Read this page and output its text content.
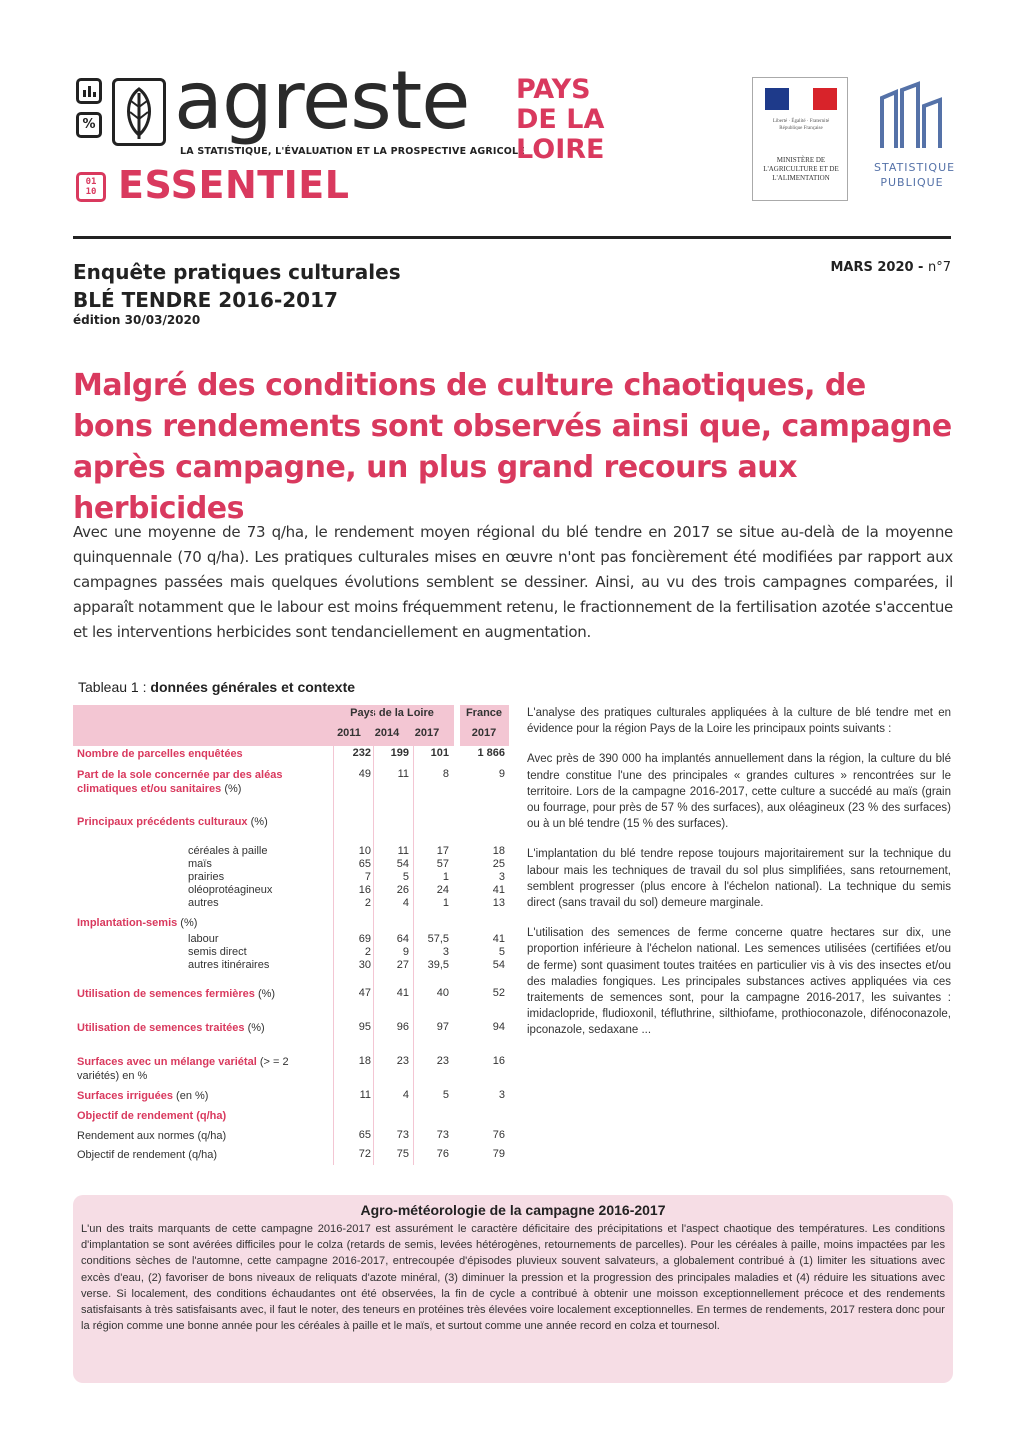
% agreste
LA STATISTIQUE, L'ÉVALUATION ET LA PROSPECTIVE AGRICOLE
01 10 ESSENTIEL
PAYS
DE LA
LOIRE
Liberté · Égalité · Fraternité
République Française
MINISTÈRE DE L'AGRICULTURE ET DE L'ALIMENTATION
STATISTIQUE
PUBLIQUE
Enquête pratiques culturales
BLÉ TENDRE 2016-2017
édition 30/03/2020
MARS 2020 - n°7
Malgré des conditions de culture chaotiques, de bons rendements sont observés ainsi que, campagne après campagne, un plus grand recours aux herbicides
Avec une moyenne de 73 q/ha, le rendement moyen régional du blé tendre en 2017 se situe au-delà de la moyenne quinquennale (70 q/ha). Les pratiques culturales mises en œuvre n'ont pas foncièrement été modifiées par rapport aux campagnes passées mais quelques évolutions semblent se dessiner. Ainsi, au vu des trois campagnes comparées, il apparaît notamment que le labour est moins fréquemment retenu, le fractionnement de la fertilisation azotée s'accentue et les interventions herbicides sont tendanciellement en augmentation.
Tableau 1 : données générales et contexte
Pays de la Loire	France
2011	2014	2017	2017
Nombre de parcelles enquêtées	232	199	101	1 866
Part de la sole concernée par des aléas climatiques et/ou sanitaires (%)
49	11	8	9
Principaux précédents culturaux (%)
céréales à paille	10	11	17	18
maïs	65	54	57	25
prairies	7	5	1	3
oléoprotéagineux	16	26	24	41
autres	2	4	1	13
Implantation-semis (%)
labour	69	64	57,5	41
semis direct	2	9	3	5
autres itinéraires	30	27	39,5	54
Utilisation de semences fermières (%)	47	41	40	52
Utilisation de semences traitées (%)	95	96	97	94
Surfaces avec un mélange variétal (> = 2 variétés) en %
18	23	23	16
Surfaces irriguées (en %)	11	4	5	3
Objectif de rendement (q/ha)
Rendement aux normes (q/ha)	65	73	73	76
Objectif de rendement (q/ha)	72	75	76	79

L'analyse des pratiques culturales appliquées à la culture de blé tendre met en évidence pour la région Pays de la Loire les principaux points suivants :

Avec près de 390 000 ha implantés annuellement dans la région, la culture du blé tendre constitue l'une des principales « grandes cultures » rencontrées sur le territoire. Lors de la campagne 2016-2017, cette culture a succédé au maïs (grain ou fourrage, pour près de 57 % des surfaces), aux oléagineux (23 % des surfaces) ou à un blé tendre (15 % des surfaces).

L'implantation du blé tendre repose toujours majoritairement sur la technique du labour mais les techniques de travail du sol plus simplifiées, sans retournement, semblent progresser (plus encore à l'échelon national). La technique du semis direct (sans travail du sol) demeure marginale.

L'utilisation des semences de ferme concerne quatre hectares sur dix, une proportion inférieure à l'échelon national. Les semences utilisées (certifiées et/ou de ferme) sont quasiment toutes traitées en particulier vis à vis des insectes et/ou des maladies fongiques. Les principales substances actives appliquées via ces traitements de semences sont, pour la campagne 2016-2017, les suivantes : imidaclopride, fludioxonil, téfluthrine, silthiofame, prothioconazole, difénoconazole, ipconazole, sedaxane ...

Agro-météorologie de la campagne 2016-2017
L'un des traits marquants de cette campagne 2016-2017 est assurément le caractère déficitaire des précipitations et l'aspect chaotique des températures. Les conditions d'implantation se sont avérées difficiles pour le colza (retards de semis, levées hétérogènes, retournements de parcelles). Pour les céréales à paille, moins impactées par les conditions sèches de l'automne, cette campagne 2016-2017, entrecoupée d'épisodes pluvieux souvent salvateurs, a globalement contribué à (1) limiter les situations avec excès d'eau, (2) favoriser de bons niveaux de reliquats d'azote minéral, (3) diminuer la pression et la progression des principales maladies et (4) réduire les situations avec verse. Si localement, des conditions échaudantes ont été observées, la fin de cycle a contribué à obtenir une moisson exceptionnellement précoce et des rendements satisfaisants à très satisfaisants avec, il faut le noter, des teneurs en protéines très élevées voire localement exceptionnelles. En termes de rendements, 2017 restera donc pour la région comme une bonne année pour les céréales à paille et le maïs, et surtout comme une année record en colza et tournesol.
